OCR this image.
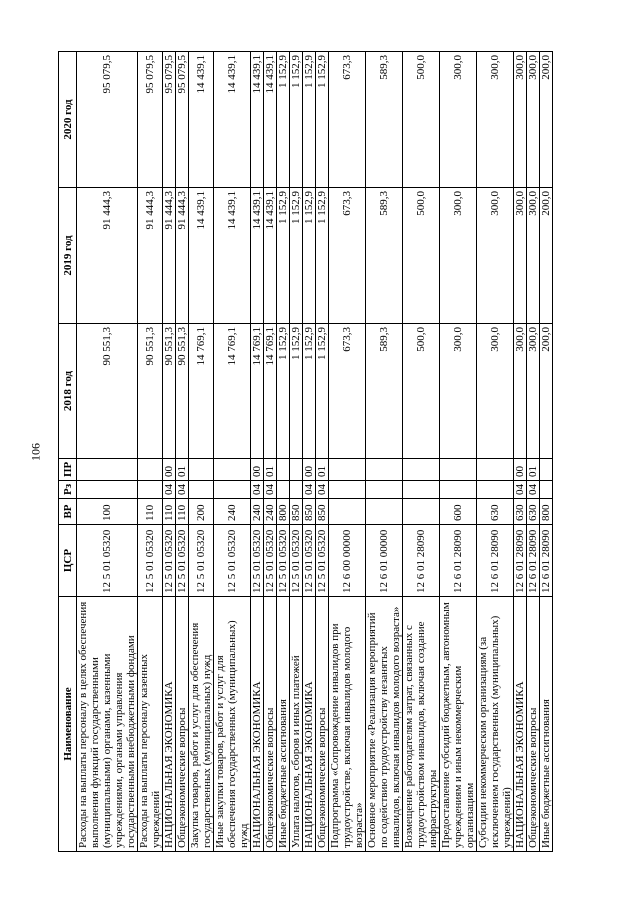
106
Наименование	ЦСР	ВР	Рз	ПР	2018 год	2019 год	2020 год
Расходы на выплаты персоналу в целях обеспечения выполнения функций государственными (муниципальными) органами, казенными учреждениями, органами управления государственными внебюджетными фондами	12 5 01 05320	100			90 551,3	91 444,3	95 079,5
Расходы на выплаты персоналу казенных учреждений	12 5 01 05320	110			90 551,3	91 444,3	95 079,5
НАЦИОНАЛЬНАЯ ЭКОНОМИКА	12 5 01 05320	110	04	00	90 551,3	91 444,3	95 079,5
Общеэкономические вопросы	12 5 01 05320	110	04	01	90 551,3	91 444,3	95 079,5
Закупка товаров, работ и услуг для обеспечения государственных (муниципальных) нужд	12 5 01 05320	200			14 769,1	14 439,1	14 439,1
Иные закупки товаров, работ и услуг для обеспечения государственных (муниципальных) нужд	12 5 01 05320	240			14 769,1	14 439,1	14 439,1
НАЦИОНАЛЬНАЯ ЭКОНОМИКА	12 5 01 05320	240	04	00	14 769,1	14 439,1	14 439,1
Общеэкономические вопросы	12 5 01 05320	240	04	01	14 769,1	14 439,1	14 439,1
Иные бюджетные ассигнования	12 5 01 05320	800			1 152,9	1 152,9	1 152,9
Уплата налогов, сборов и иных платежей	12 5 01 05320	850			1 152,9	1 152,9	1 152,9
НАЦИОНАЛЬНАЯ ЭКОНОМИКА	12 5 01 05320	850	04	00	1 152,9	1 152,9	1 152,9
Общеэкономические вопросы	12 5 01 05320	850	04	01	1 152,9	1 152,9	1 152,9
Подпрограмма «Сопровождение инвалидов при трудоустройстве, включая инвалидов молодого возраста»	12 6 00 00000				673,3	673,3	673,3
Основное мероприятие «Реализация мероприятий по содействию трудоустройству незанятых инвалидов, включая инвалидов молодого возраста»	12 6 01 00000				589,3	589,3	589,3
Возмещение работодателям затрат, связанных с трудоустройством инвалидов, включая создание инфраструктуры	12 6 01 28090				500,0	500,0	500,0
Предоставление субсидий бюджетным, автономным учреждениям и иным некоммерческим организациям	12 6 01 28090	600			300,0	300,0	300,0
Субсидии некоммерческим организациям (за исключением государственных (муниципальных) учреждений)	12 6 01 28090	630			300,0	300,0	300,0
НАЦИОНАЛЬНАЯ ЭКОНОМИКА	12 6 01 28090	630	04	00	300,0	300,0	300,0
Общеэкономические вопросы	12 6 01 28090	630	04	01	300,0	300,0	300,0
Иные бюджетные ассигнования	12 6 01 28090	800			200,0	200,0	200,0
